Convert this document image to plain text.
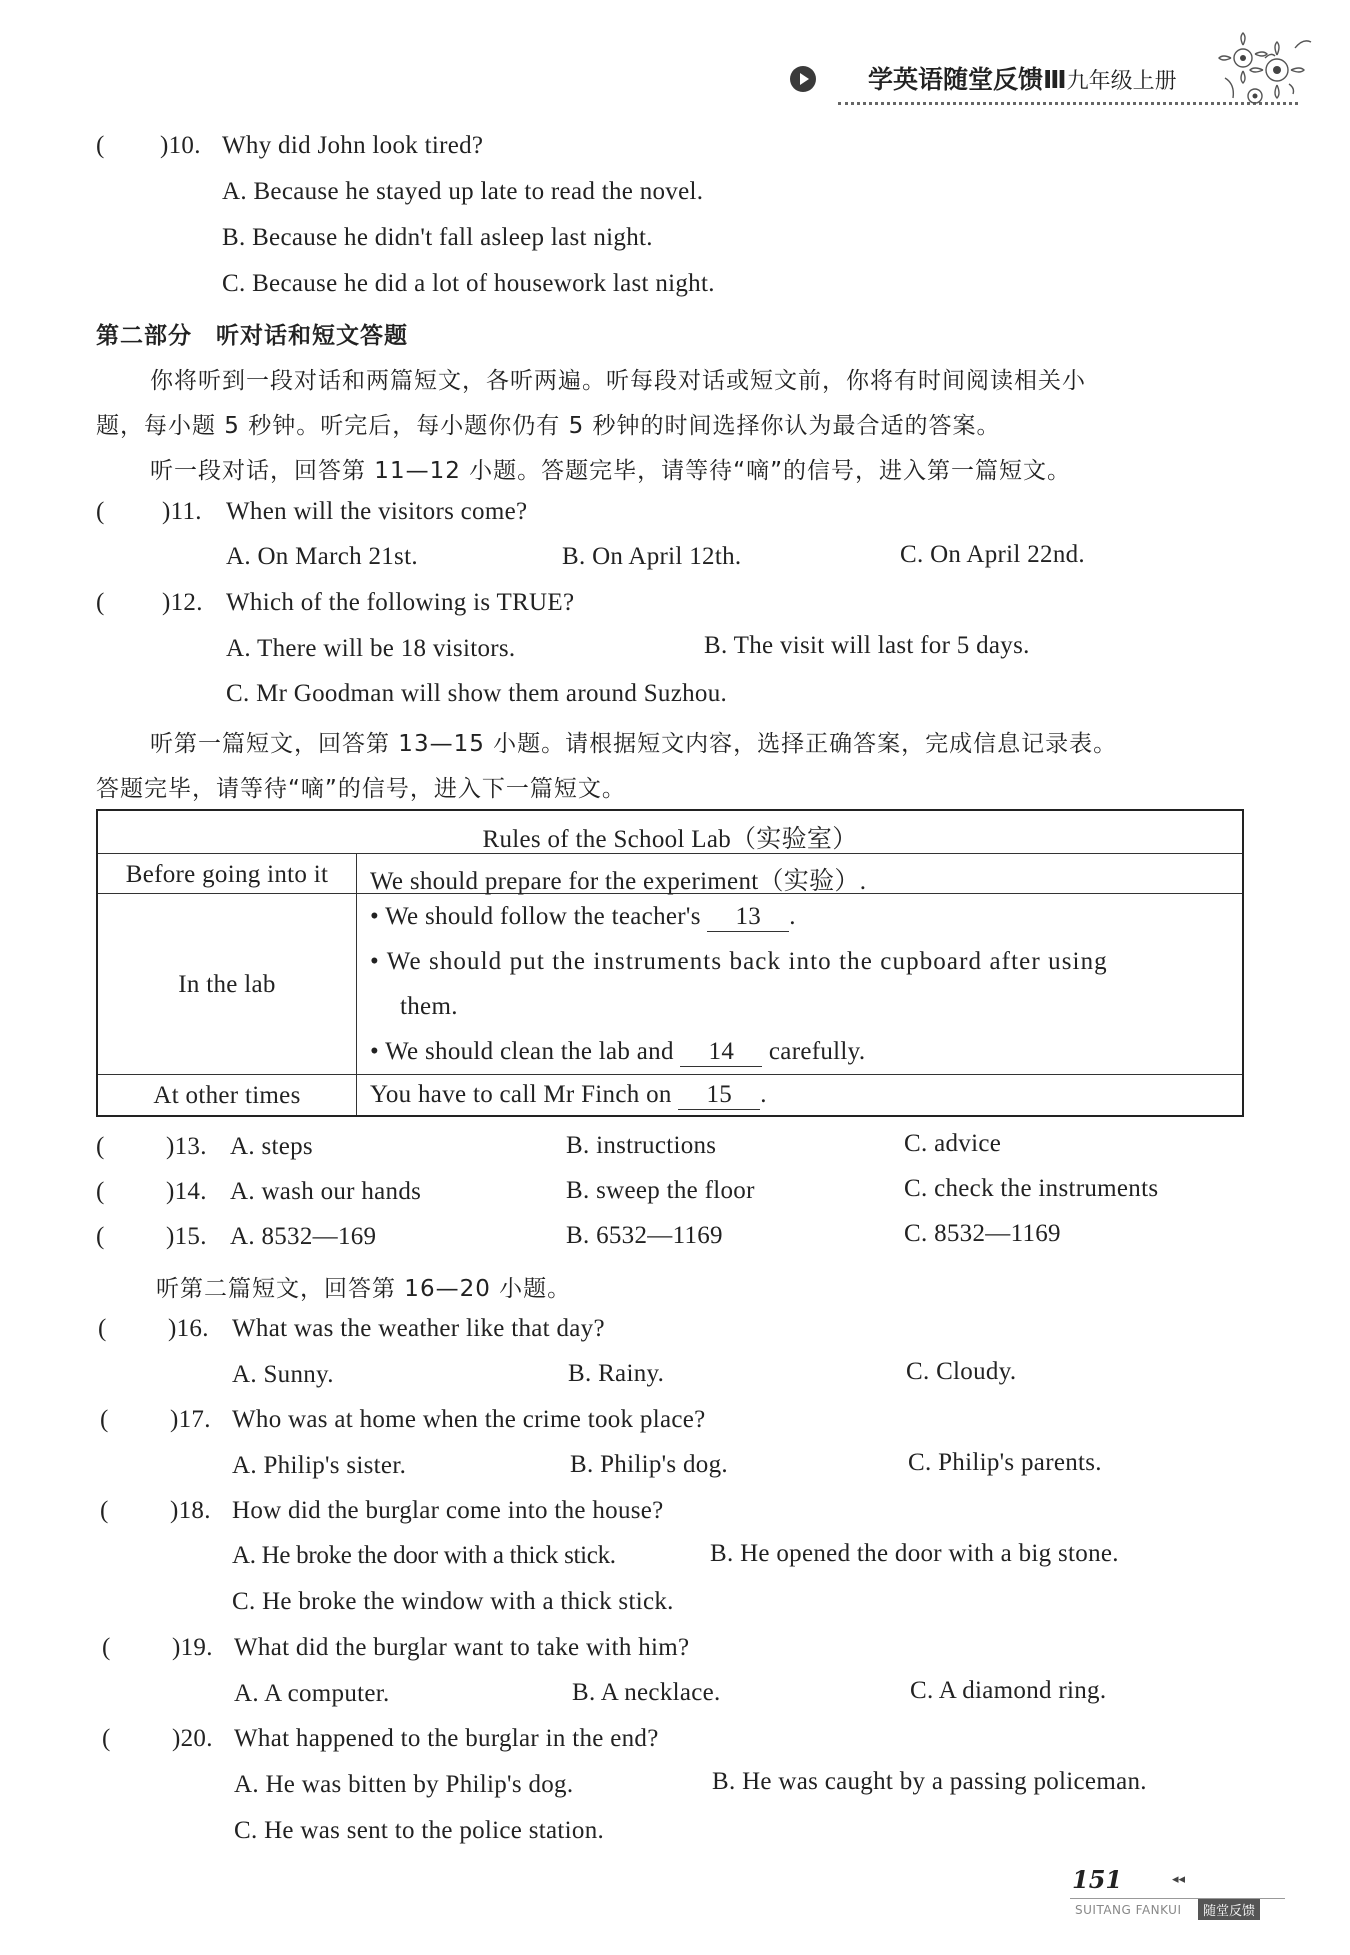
学英语随堂反馈Ⅲ九年级上册
( )10. Why did John look tired?
A. Because he stayed up late to read the novel.
B. Because he didn't fall asleep last night.
C. Because he did a lot of housework last night.
第二部分　听对话和短文答题
你将听到一段对话和两篇短文，各听两遍。听每段对话或短文前，你将有时间阅读相关小
题，每小题 5 秒钟。听完后，每小题你仍有 5 秒钟的时间选择你认为最合适的答案。
听一段对话，回答第 11—12 小题。答题完毕，请等待“嘀”的信号，进入第一篇短文。
( )11. When will the visitors come?
A. On March 21st.	B. On April 12th.	C. On April 22nd.
( )12. Which of the following is TRUE?
A. There will be 18 visitors.	B. The visit will last for 5 days.
C. Mr Goodman will show them around Suzhou.
听第一篇短文，回答第 13—15 小题。请根据短文内容，选择正确答案，完成信息记录表。
答题完毕，请等待“嘀”的信号，进入下一篇短文。
Rules of the School Lab（实验室）
Before going into it	We should prepare for the experiment（实验）.
In the lab
• We should follow the teacher's 13 .
• We should put the instruments back into the cupboard after using
them.
• We should clean the lab and 14 carefully.
At other times	You have to call Mr Finch on 15 .
( )13. A. steps	B. instructions	C. advice
( )14. A. wash our hands	B. sweep the floor	C. check the instruments
( )15. A. 8532—169	B. 6532—1169	C. 8532—1169
听第二篇短文，回答第 16—20 小题。
( )16. What was the weather like that day?
A. Sunny.	B. Rainy.	C. Cloudy.
( )17. Who was at home when the crime took place?
A. Philip's sister.	B. Philip's dog.	C. Philip's parents.
( )18. How did the burglar come into the house?
A. He broke the door with a thick stick.	B. He opened the door with a big stone.
C. He broke the window with a thick stick.
( )19. What did the burglar want to take with him?
A. A computer.	B. A necklace.	C. A diamond ring.
( )20. What happened to the burglar in the end?
A. He was bitten by Philip's dog.	B. He was caught by a passing policeman.
C. He was sent to the police station.
151	◂◂
SUITANG FANKUI	随堂反馈
